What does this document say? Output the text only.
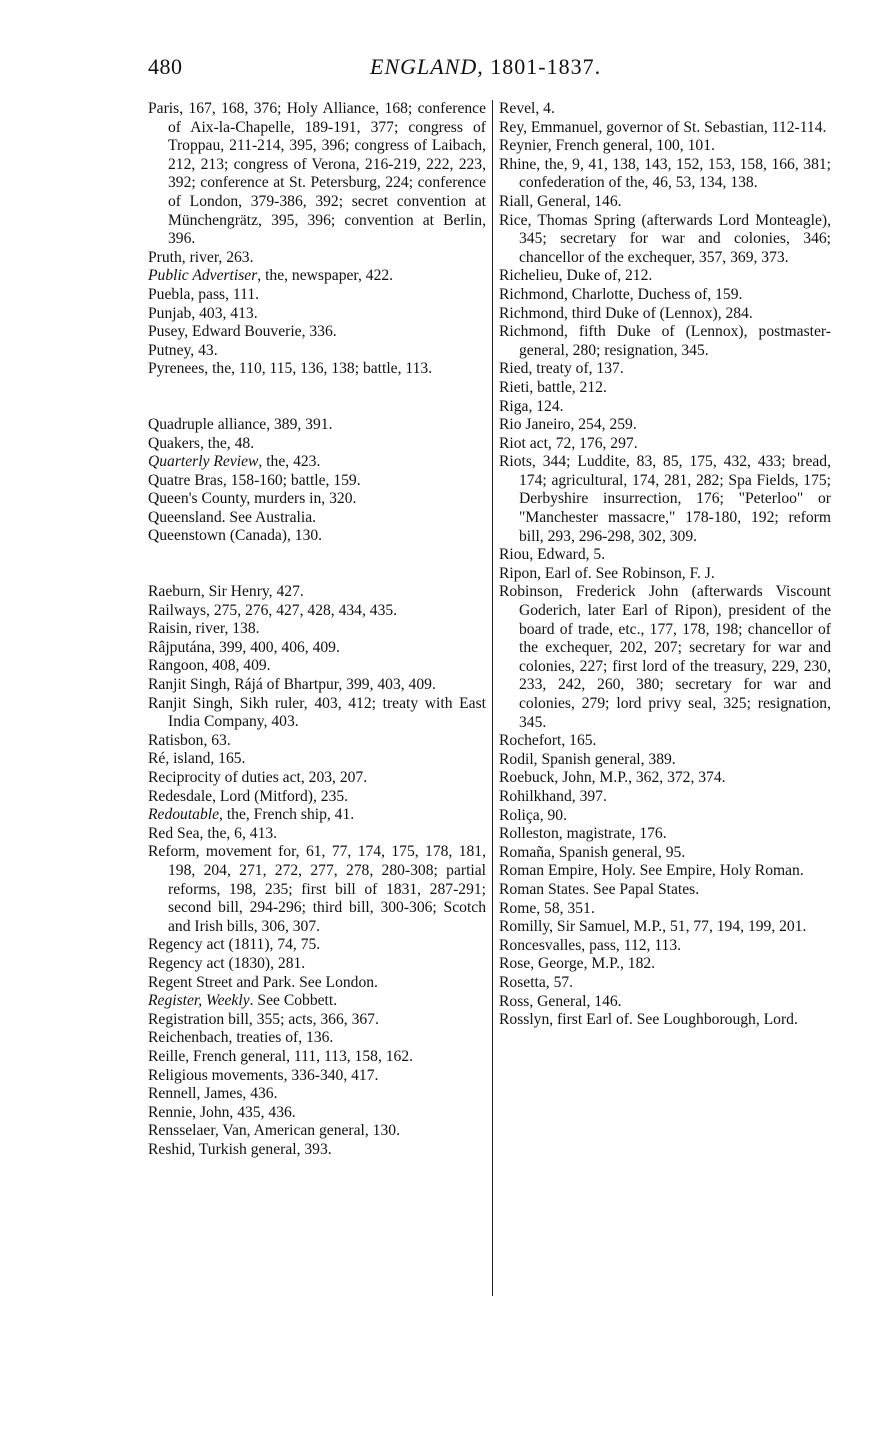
480	ENGLAND, 1801-1837.

Paris, 167, 168, 376; Holy Alliance, 168; conference of Aix-la-Chapelle, 189-191, 377; congress of Troppau, 211-214, 395, 396; congress of Laibach, 212, 213; congress of Verona, 216-219, 222, 223, 392; conference at St. Petersburg, 224; conference of London, 379-386, 392; secret convention at Münchengrätz, 395, 396; convention at Berlin, 396.

Pruth, river, 263.

Public Advertiser, the, newspaper, 422.

Puebla, pass, 111.

Punjab, 403, 413.

Pusey, Edward Bouverie, 336.

Putney, 43.

Pyrenees, the, 110, 115, 136, 138; battle, 113.

Quadruple alliance, 389, 391.

Quakers, the, 48.

Quarterly Review, the, 423.

Quatre Bras, 158-160; battle, 159.

Queen's County, murders in, 320.

Queensland. See Australia.

Queenstown (Canada), 130.

Raeburn, Sir Henry, 427.

Railways, 275, 276, 427, 428, 434, 435.

Raisin, river, 138.

Râjputána, 399, 400, 406, 409.

Rangoon, 408, 409.

Ranjit Singh, Rájá of Bhartpur, 399, 403, 409.

Ranjit Singh, Sikh ruler, 403, 412; treaty with East India Company, 403.

Ratisbon, 63.

Ré, island, 165.

Reciprocity of duties act, 203, 207.

Redesdale, Lord (Mitford), 235.

Redoutable, the, French ship, 41.

Red Sea, the, 6, 413.

Reform, movement for, 61, 77, 174, 175, 178, 181, 198, 204, 271, 272, 277, 278, 280-308; partial reforms, 198, 235; first bill of 1831, 287-291; second bill, 294-296; third bill, 300-306; Scotch and Irish bills, 306, 307.

Regency act (1811), 74, 75.

Regency act (1830), 281.

Regent Street and Park. See London.

Register, Weekly. See Cobbett.

Registration bill, 355; acts, 366, 367.

Reichenbach, treaties of, 136.

Reille, French general, 111, 113, 158, 162.

Religious movements, 336-340, 417.

Rennell, James, 436.

Rennie, John, 435, 436.

Rensselaer, Van, American general, 130.

Reshid, Turkish general, 393.

Revel, 4.

Rey, Emmanuel, governor of St. Sebastian, 112-114.

Reynier, French general, 100, 101.

Rhine, the, 9, 41, 138, 143, 152, 153, 158, 166, 381; confederation of the, 46, 53, 134, 138.

Riall, General, 146.

Rice, Thomas Spring (afterwards Lord Monteagle), 345; secretary for war and colonies, 346; chancellor of the exchequer, 357, 369, 373.

Richelieu, Duke of, 212.

Richmond, Charlotte, Duchess of, 159.

Richmond, third Duke of (Lennox), 284.

Richmond, fifth Duke of (Lennox), postmaster-general, 280; resignation, 345.

Ried, treaty of, 137.

Rieti, battle, 212.

Riga, 124.

Rio Janeiro, 254, 259.

Riot act, 72, 176, 297.

Riots, 344; Luddite, 83, 85, 175, 432, 433; bread, 174; agricultural, 174, 281, 282; Spa Fields, 175; Derbyshire insurrection, 176; "Peterloo" or "Manchester massacre," 178-180, 192; reform bill, 293, 296-298, 302, 309.

Riou, Edward, 5.

Ripon, Earl of. See Robinson, F. J.

Robinson, Frederick John (afterwards Viscount Goderich, later Earl of Ripon), president of the board of trade, etc., 177, 178, 198; chancellor of the exchequer, 202, 207; secretary for war and colonies, 227; first lord of the treasury, 229, 230, 233, 242, 260, 380; secretary for war and colonies, 279; lord privy seal, 325; resignation, 345.

Rochefort, 165.

Rodil, Spanish general, 389.

Roebuck, John, M.P., 362, 372, 374.

Rohilkhand, 397.

Roliça, 90.

Rolleston, magistrate, 176.

Romaña, Spanish general, 95.

Roman Empire, Holy. See Empire, Holy Roman.

Roman States. See Papal States.

Rome, 58, 351.

Romilly, Sir Samuel, M.P., 51, 77, 194, 199, 201.

Roncesvalles, pass, 112, 113.

Rose, George, M.P., 182.

Rosetta, 57.

Ross, General, 146.

Rosslyn, first Earl of. See Loughborough, Lord.
